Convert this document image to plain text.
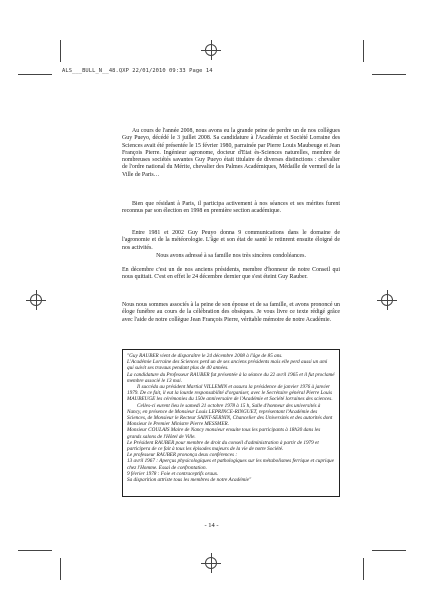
ALS___BULL_N__48.QXP 22/01/2010 09:33 Page 14

Au cours de l'année 2008, nous avons eu la grande peine de perdre un de nos collègues Guy Pueyo, décédé le 3 juillet 2008. Sa candidature à l'Académie et Société Lorraine des Sciences avait été présentée le 15 février 1980, parrainée par Pierre Louis Maubeuge et Jean François Pierre. Ingénieur agronome, docteur d'Etat ès-Sciences naturelles, membre de nombreuses sociétés savantes Guy Pueyo était titulaire de diverses distinctions : chevalier de l'ordre national du Mérite, chevalier des Palmes Académiques, Médaille de vermeil de la Ville de Paris…

Bien que résidant à Paris, il participa activement à nos séances et ses mérites furent reconnus par son élection en 1998 en première section académique.

Entre 1981 et 2002 Guy Peuyo donna 9 communications dans le domaine de l'agronomie et de la météorologie. L'âge et son état de santé le retinrent ensuite éloigné de nos activités.

Nous avons adressé à sa famille nos très sincères condoléances.

En décembre c'est un de nos anciens présidents, membre d'honneur de notre Conseil qui nous quittait. C'est en effet le 24 décembre dernier que s'est éteint Guy Rauber.

Nous nous sommes associés à la peine de son épouse et de sa famille, et avons prononcé un éloge funèbre au cours de la célébration des obsèques. Je vous livre ce texte rédigé grâce avec l'aide de notre collègue Jean François Pierre, véritable mémoire de notre Académie.

"Guy RAUBER vient de disparaître le 24 décembre 2008 à l'âge de 85 ans.

L'Académie Lorraine des Sciences perd un de ses anciens présidents mais elle perd aussi un ami qui suivit ses travaux pendant plus de 40 années.

La candidature du Professeur RAUBER fut présentée à la séance du 22 avril 1965 et il fut proclamé membre associé le 13 mai.

Il succéda au président Martial VILLEMIN et assura la présidence de janvier 1976 à janvier 1979. De ce fait, il eut la lourde responsabilité d'organiser, avec le Secrétaire général Pierre Louis MAUBEUGE les cérémonies du 150e anniversaire de l'Académie et Société lorraines des sciences.

Celles-ci eurent lieu le samedi 21 octobre 1978 à 15 h, Salle d'honneur des universités à Nancy, en présence de Monsieur Louis LEPRINCE-RINGUET, représentant l'Académie des Sciences, de Monsieur le Recteur SAINT-SERNIN, Chancelier des Universités et des autorités dont Monsieur le Premier Ministre Pierre MESSMER.

Monsieur COULAIS Maire de Nancy monsieur ensuite tous les participants à 18h30 dans les grands salons de l'Hôtel de Ville.

Le Président RAUBER pour membre de droit du conseil d'administration à partir de 1979 et participera de ce fait à tous les épisodes majeurs de la vie de notre Société.

Le professeur RAUBER prononça deux conférences :

13 avril 1967 : Aperçus physicologiques et pathologiques sur les métabolismes ferrique et cuprique chez l'Homme. Essai de confrontation.

9 février 1978 : Foie et contraceptifs oraux.

Sa disparition attriste tous les membres de notre Académie"

- 14 -
